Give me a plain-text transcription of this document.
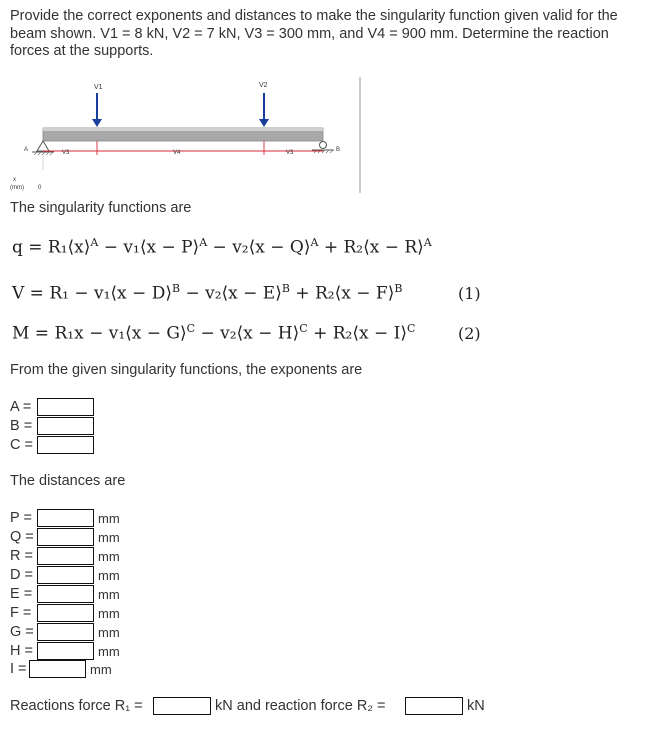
Provide the correct exponents and distances to make the singularity function given valid for the beam shown. V1 = 8 kN, V2 = 7 kN, V3 = 300 mm, and V4 = 900 mm. Determine the reaction forces at the supports.
V1	V2
A	B
V3	V4	V3
x
(mm) 0
The singularity functions are
q = R₁⟨x⟩$^A$ − v₁⟨x − P⟩$^A$ − v₂⟨x − Q⟩$^A$ + R₂⟨x − R⟩$^A$
V = R₁ − v₁⟨x − D⟩$^B$ − v₂⟨x − E⟩$^B$ + R₂⟨x − F⟩$^B$	(1)
M = R₁x − v₁⟨x − G⟩$^C$ − v₂⟨x − H⟩$^C$ + R₂⟨x − I⟩$^C$	(2)
From the given singularity functions, the exponents are
A =
B =
C =
The distances are
P =	mm
Q =	mm
R =	mm
D =	mm
E =	mm
F =	mm
G =	mm
H =	mm
I =	mm
Reactions force R₁ =	kN and reaction force R₂ =	kN
